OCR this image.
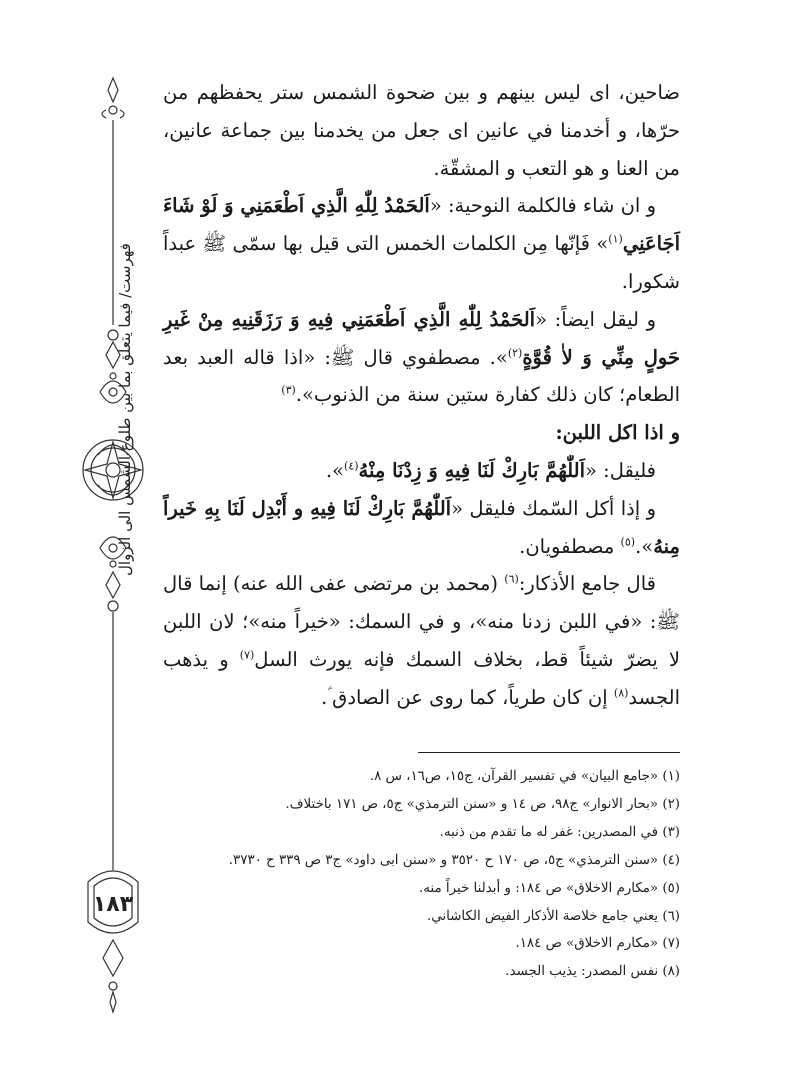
فهرست/ فيما يتعلق بما بين طلوع الشمس الى الزوال
١٨٣

ضاحين، اى ليس بينهم و بين ضحوة الشمس ستر يحفظهم من حرّها، و أخدمنا في عانين اى جعل من يخدمنا بين جماعة عانين، من العنا و هو التعب و المشقّة.

و ان شاء فالكلمة النوحية: «اَلحَمْدُ لِلّٰهِ الَّذِي اَطْعَمَنِي وَ لَوْ شَاءَ اَجَاعَنِي$^{(١)}$» فَإنّها مِن الكلمات الخمس التى قيل بها سمّى ﷺ عبداً شكورا.

و ليقل ايضاً: «اَلحَمْدُ لِلّٰهِ الَّذِي اَطْعَمَنِي فِيهِ وَ رَزَقَنِيهِ مِنْ غَيرِ حَولٍ مِنِّي وَ لاٰ قُوَّةٍ$^{(٢)}$». مصطفوي قال ﷺ: «اذا قاله العبد بعد الطعام؛ كان ذلك كفارة ستين سنة من الذنوب».$^{(٣)}$

و اذا اكل اللبن:

فليقل: «اَللّٰهُمَّ بَارِكْ لَنَا فِيهِ وَ زِدْنَا مِنْهُ$^{(٤)}$».

و إذا أكل السّمك فليقل «اَللّٰهُمَّ بَارِكْ لَنَا فِيهِ و أَبْدِل لَنَا بِهِ خَيراً مِنهُ».$^{(٥)}$ مصطفويان.

قال جامع الأذكار:$^{(٦)}$ (محمد بن مرتضى عفى الله عنه) إنما قال ﷺ: «في اللبن زدنا منه»، و في السمك: «خيراً منه»؛ لان اللبن لا يضرّ شيئاً قط، بخلاف السمك فإنه يورث السل$^{(٧)}$ و يذهب الجسد$^{(٨)}$ إن كان طرياً، كما روى عن الصادق ؑ.

(١) «جامع البيان» في تفسير القرآن، ج١٥، ص١٦، س ٨.
(٢) «بحار الانوار» ج٩٨، ص ١٤ و «سنن الترمذي» ج٥، ص ١٧١ باختلاف.
(٣) في المصدرين: غفر له ما تقدم من ذنبه.
(٤) «سنن الترمذي» ج٥، ص ١٧٠ ح ٣٥٢٠ و «سنن ابى داود» ج٣ ص ٣٣٩ ح ٣٧٣٠.
(٥) «مكارم الاخلاق» ص ١٨٤: و أبدلنا خيراً منه.
(٦) يعني جامع خلاصة الأذكار الفيض الكاشاني.
(٧) «مكارم الاخلاق» ص ١٨٤.
(٨) نفس المصدر: يذيب الجسد.
